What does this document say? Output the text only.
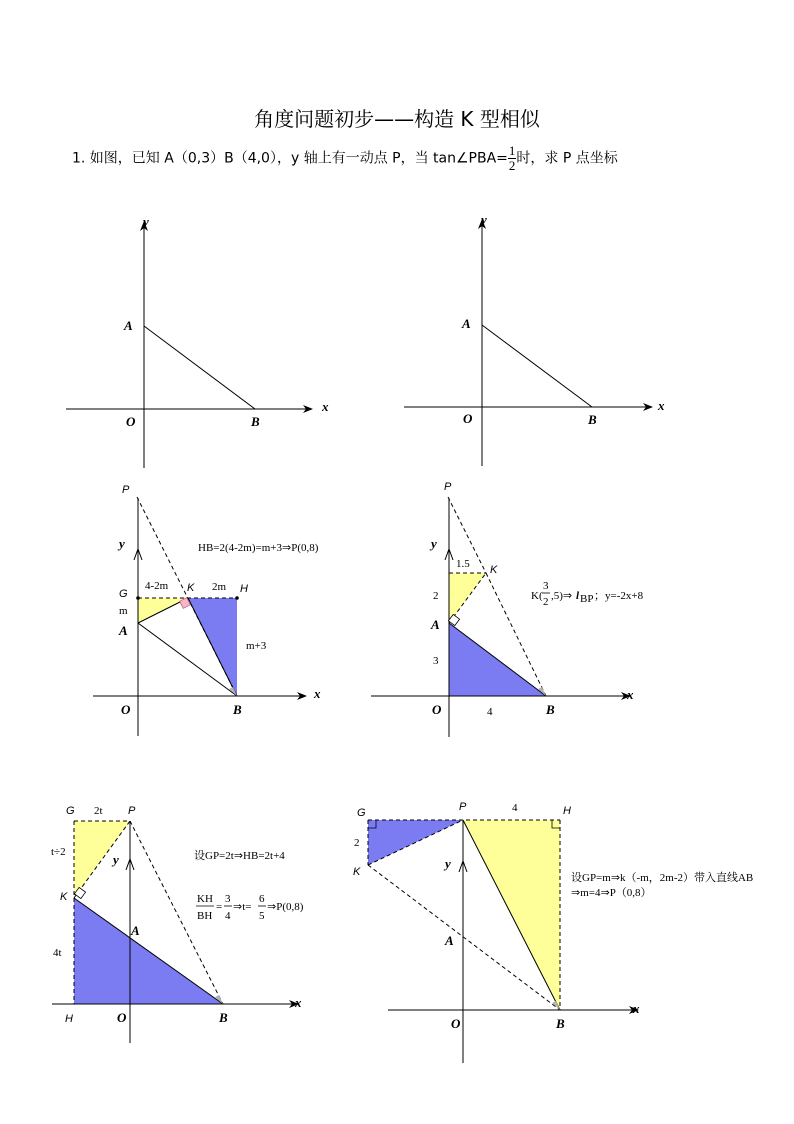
角度问题初步——构造 K 型相似
1. 如图，已知 A（0,3）B（4,0），y 轴上有一动点 P，当 tan∠PBA= $\frac{1}{2}$ 时，求 P 点坐标
x
y
O
A
B
x
y
O
A
B
P
y
G
4-2m K 2m H
m
A
m+3
x
O	B
HB=2(4-2m)=m+3⇒P(0,8)
P
y
1.5 K
2
A
3
4
x
O	B
K(
3
2 ,5)⇒ l BP ；y=-2x+8
G 2t P
t÷2	y
K
A
4t
x
H	O	B
设GP=2t⇒HB=2t+4
KH
BH
=
3
4
⇒t=
6
5
⇒P(0,8)
G	P	4	H
2
K
y
A
x
O	B
设GP=m⇒k（-m，2m-2）带入直线AB
⇒m=4⇒P（0,8）
